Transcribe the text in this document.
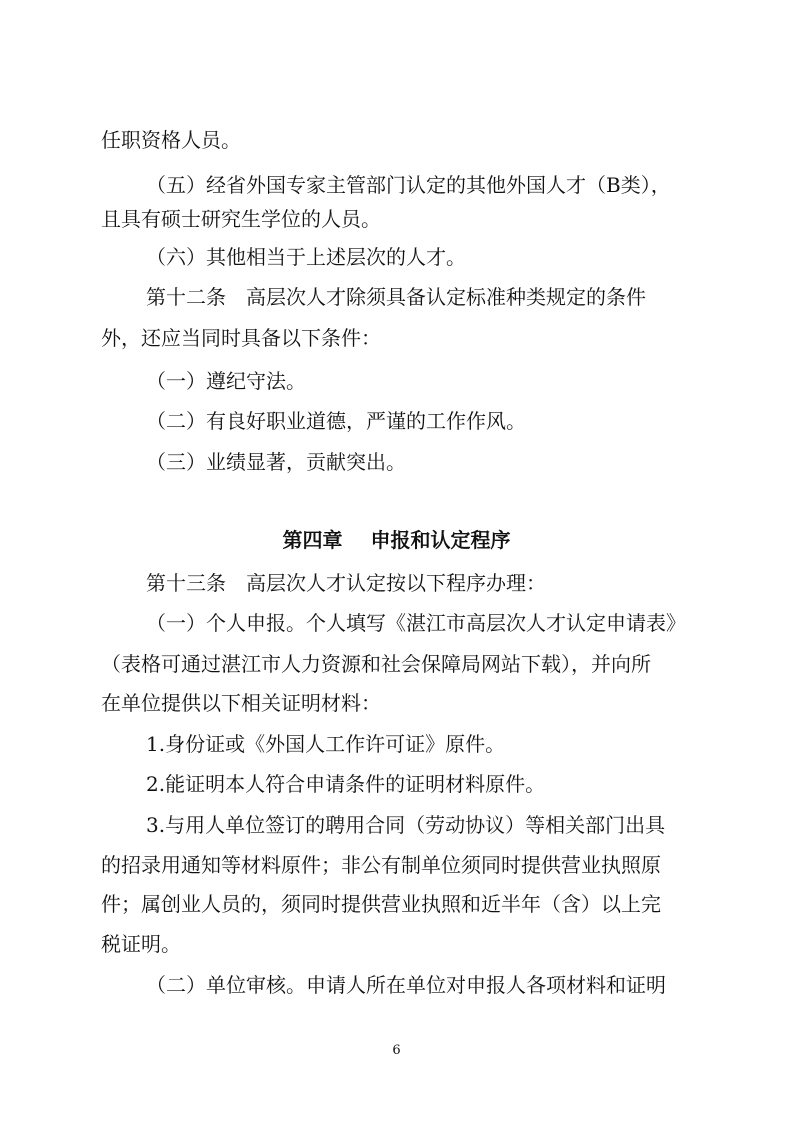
任职资格人员。

（五）经省外国专家主管部门认定的其他外国人才（B类），

且具有硕士研究生学位的人员。

（六）其他相当于上述层次的人才。

第十二条　高层次人才除须具备认定标准种类规定的条件

外，还应当同时具备以下条件：

（一）遵纪守法。

（二）有良好职业道德，严谨的工作作风。

（三）业绩显著，贡献突出。

第四章 申报和认定程序

第十三条　高层次人才认定按以下程序办理：

（一）个人申报。个人填写《湛江市高层次人才认定申请表》

（表格可通过湛江市人力资源和社会保障局网站下载），并向所

在单位提供以下相关证明材料：

1.身份证或《外国人工作许可证》原件。

2.能证明本人符合申请条件的证明材料原件。

3.与用人单位签订的聘用合同（劳动协议）等相关部门出具

的招录用通知等材料原件；非公有制单位须同时提供营业执照原

件；属创业人员的，须同时提供营业执照和近半年（含）以上完

税证明。

（二）单位审核。申请人所在单位对申报人各项材料和证明

6
